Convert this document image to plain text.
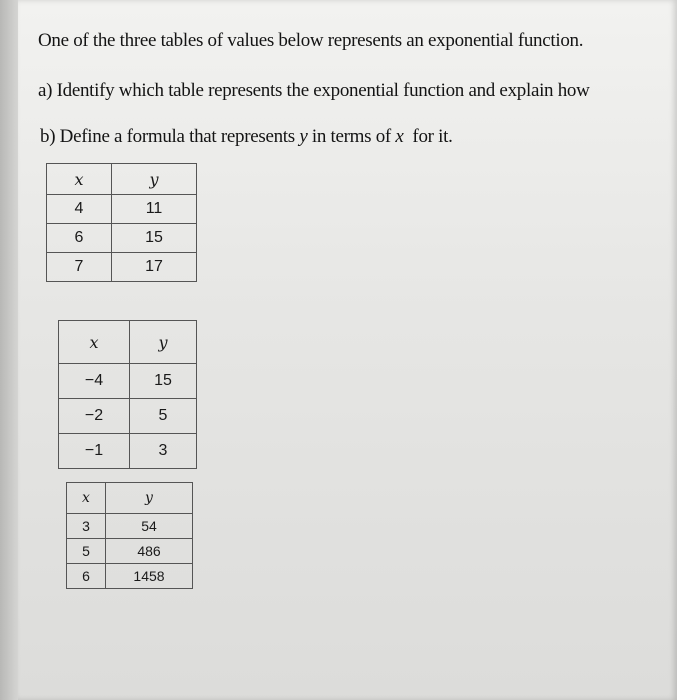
One of the three tables of values below represents an exponential function.
a) Identify which table represents the exponential function and explain how
b) Define a formula that represents y in terms of x  for it.
x	y
4	11
6	15
7	17
x	y
−4	15
−2	5
−1	3
x	y
3	54
5	486
6	1458
